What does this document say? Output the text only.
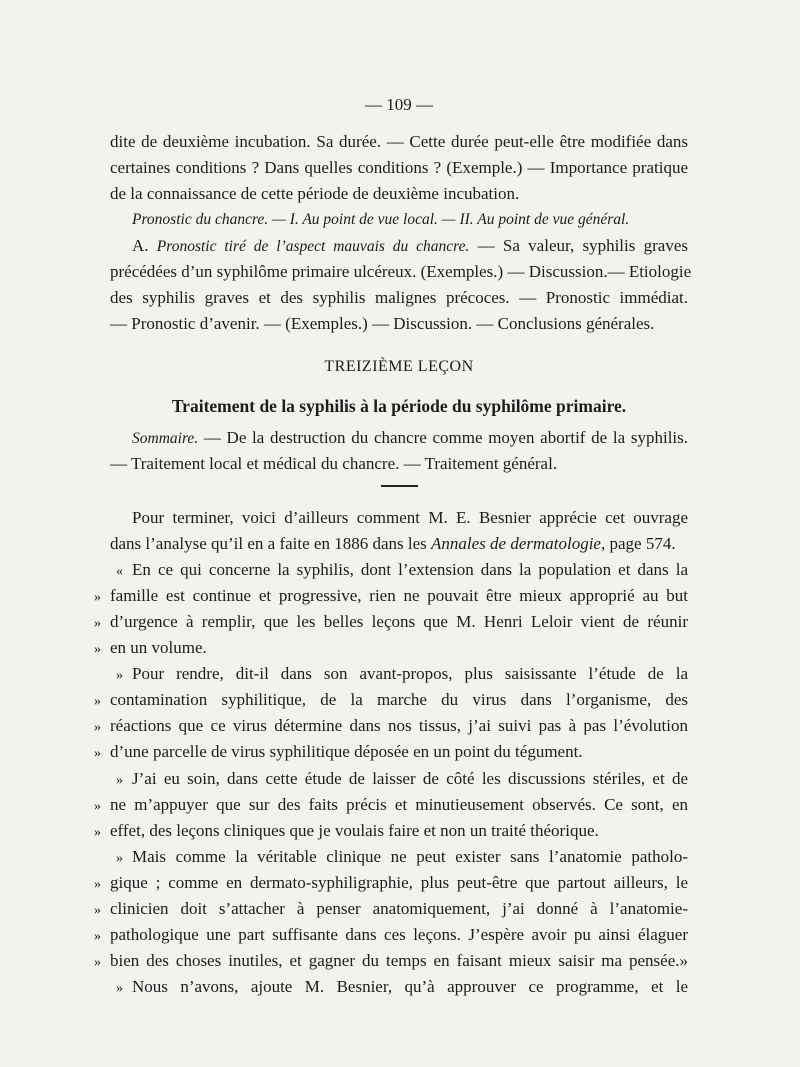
— 109 —
dite de deuxième incubation. Sa durée. — Cette durée peut-elle être modifiée dans
certaines conditions ? Dans quelles conditions ? (Exemple.) — Importance pratique
de la connaissance de cette période de deuxième incubation.
Pronostic du chancre. — I. Au point de vue local. — II. Au point de vue général.
A. Pronostic tiré de l’aspect mauvais du chancre. — Sa valeur, syphilis graves
précédées d’un syphilôme primaire ulcéreux. (Exemples.) — Discussion.— Etiologie
des syphilis graves et des syphilis malignes précoces. — Pronostic immédiat.
— Pronostic d’avenir. — (Exemples.) — Discussion. — Conclusions générales.
TREIZIÈME LEÇON
Traitement de la syphilis à la période du syphilôme primaire.
Sommaire. — De la destruction du chancre comme moyen abortif de la syphilis.
— Traitement local et médical du chancre. — Traitement général.
Pour terminer, voici d’ailleurs comment M. E. Besnier apprécie cet ouvrage
dans l’analyse qu’il en a faite en 1886 dans les Annales de dermatologie, page 574.
« En ce qui concerne la syphilis, dont l’extension dans la population et dans la
» famille est continue et progressive, rien ne pouvait être mieux approprié au but
» d’urgence à remplir, que les belles leçons que M. Henri Leloir vient de réunir
» en un volume.
» Pour rendre, dit-il dans son avant-propos, plus saisissante l’étude de la
» contamination syphilitique, de la marche du virus dans l’organisme, des
» réactions que ce virus détermine dans nos tissus, j’ai suivi pas à pas l’évolution
» d’une parcelle de virus syphilitique déposée en un point du tégument.
» J’ai eu soin, dans cette étude de laisser de côté les discussions stériles, et de
» ne m’appuyer que sur des faits précis et minutieusement observés. Ce sont, en
» effet, des leçons cliniques que je voulais faire et non un traité théorique.
» Mais comme la véritable clinique ne peut exister sans l’anatomie patholo-
» gique ; comme en dermato-syphiligraphie, plus peut-être que partout ailleurs, le
» clinicien doit s’attacher à penser anatomiquement, j’ai donné à l’anatomie-
» pathologique une part suffisante dans ces leçons. J’espère avoir pu ainsi élaguer
» bien des choses inutiles, et gagner du temps en faisant mieux saisir ma pensée.»
» Nous n’avons, ajoute M. Besnier, qu’à approuver ce programme, et le
